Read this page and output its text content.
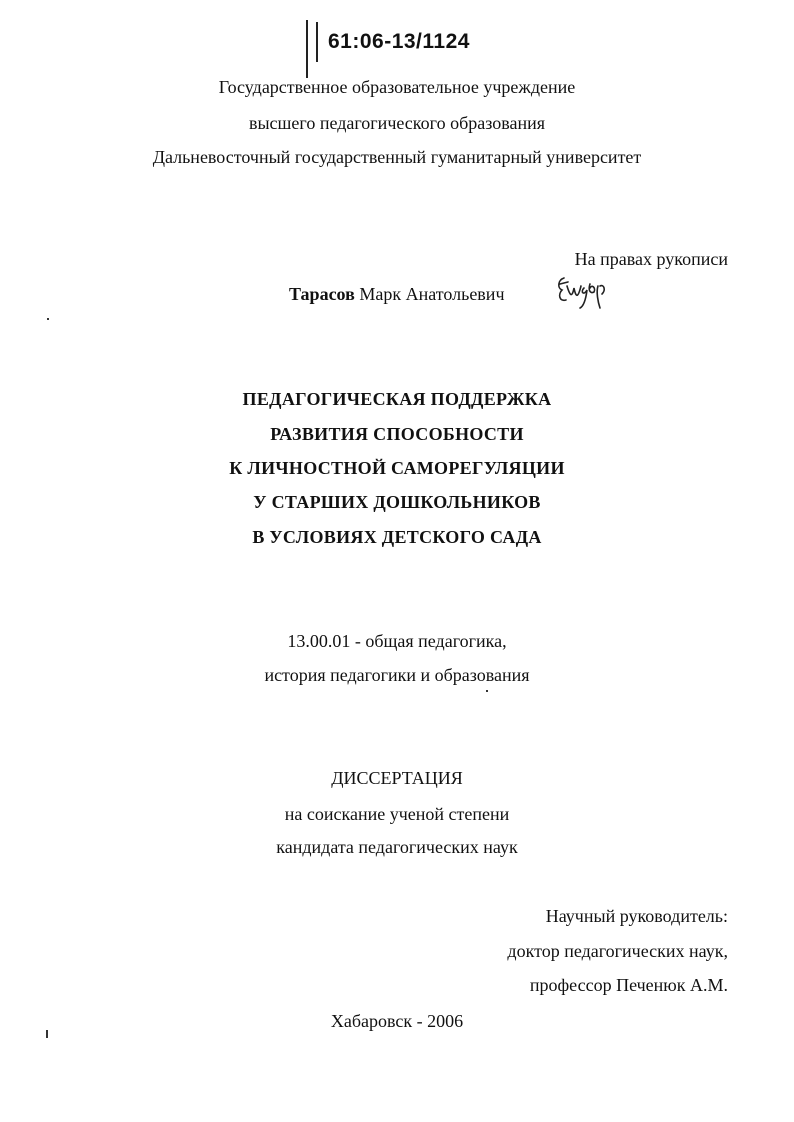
61:06-13/1124
Государственное образовательное учреждение
высшего педагогического образования
Дальневосточный государственный гуманитарный университет
На правах рукописи
Тарасов Марк Анатольевич
ПЕДАГОГИЧЕСКАЯ ПОДДЕРЖКА
РАЗВИТИЯ СПОСОБНОСТИ
К ЛИЧНОСТНОЙ САМОРЕГУЛЯЦИИ
У СТАРШИХ ДОШКОЛЬНИКОВ
В УСЛОВИЯХ ДЕТСКОГО САДА
13.00.01 - общая педагогика,
история педагогики и образования
ДИССЕРТАЦИЯ
на соискание ученой степени
кандидата педагогических наук
Научный руководитель:
доктор педагогических наук,
профессор Печенюк А.М.
Хабаровск - 2006
